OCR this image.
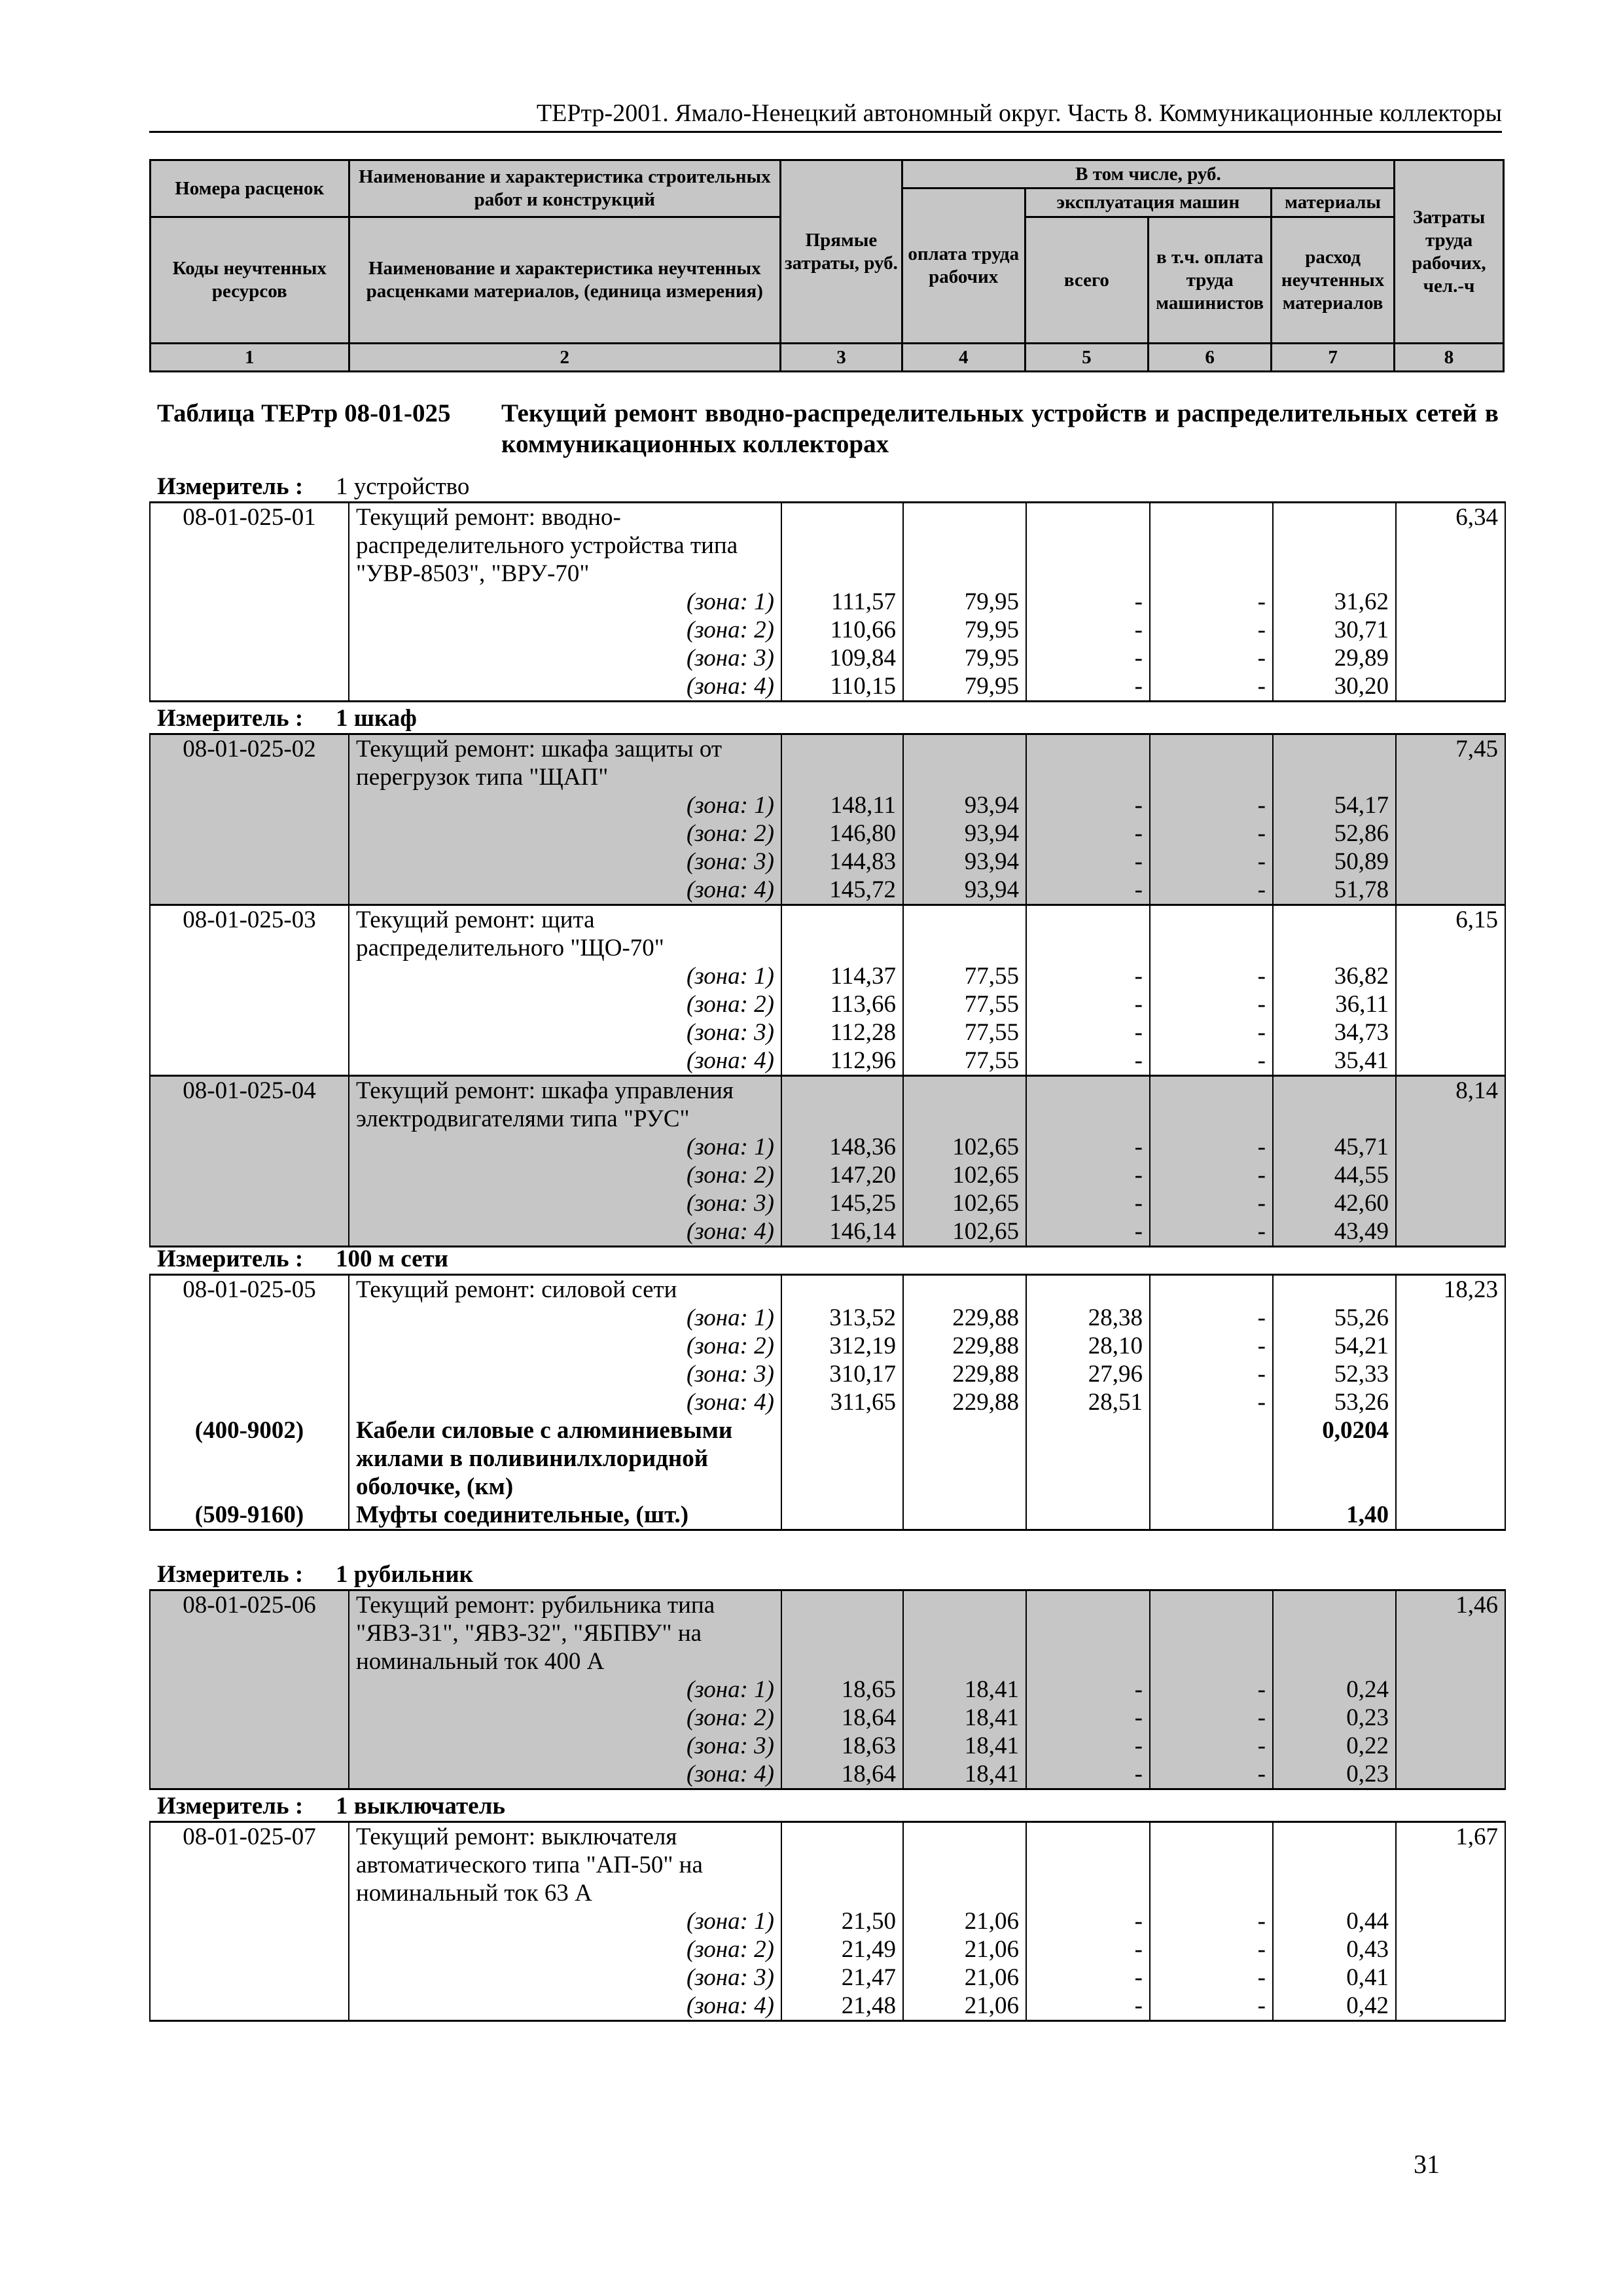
ТЕРтр-2001. Ямало-Ненецкий автономный округ. Часть 8. Коммуникационные коллекторы
Номера расценок	Наименование и характеристика строительных работ и конструкций	Прямые затраты, руб.	В том числе, руб.				Затраты труда рабочих, чел.-ч
			оплата труда рабочих	эксплуатация машин		материалы	
Коды неучтенных ресурсов	Наименование и характеристика неучтенных расценками материалов, (единица измерения)			всего	в т.ч. оплата труда машинистов	расход неучтенных материалов	

1	2	3	4	5	6	7	8
Таблица ТЕРтр 08-01-025 Текущий ремонт вводно-распределительных устройств и распределительных сетей в коммуникационных коллекторах
Измеритель : 1 устройство
08-01-025-01	Текущий ремонт: вводно-						6,34
	распределительного устройства типа						
	"УВР-8503", "ВРУ-70"						
	(зона: 1)	111,57	79,95	-	-	31,62	
	(зона: 2)	110,66	79,95	-	-	30,71	
	(зона: 3)	109,84	79,95	-	-	29,89	
	(зона: 4)	110,15	79,95	-	-	30,20	
Измеритель : 1 шкаф
08-01-025-02	Текущий ремонт: шкафа защиты от						7,45
	перегрузок типа "ЩАП"						
	(зона: 1)	148,11	93,94	-	-	54,17	
	(зона: 2)	146,80	93,94	-	-	52,86	
	(зона: 3)	144,83	93,94	-	-	50,89	
	(зона: 4)	145,72	93,94	-	-	51,78	
08-01-025-03	Текущий ремонт: щита						6,15
	распределительного "ЩО-70"						
	(зона: 1)	114,37	77,55	-	-	36,82	
	(зона: 2)	113,66	77,55	-	-	36,11	
	(зона: 3)	112,28	77,55	-	-	34,73	
	(зона: 4)	112,96	77,55	-	-	35,41	
08-01-025-04	Текущий ремонт: шкафа управления						8,14
	электродвигателями типа "РУС"						
	(зона: 1)	148,36	102,65	-	-	45,71	
	(зона: 2)	147,20	102,65	-	-	44,55	
	(зона: 3)	145,25	102,65	-	-	42,60	
	(зона: 4)	146,14	102,65	-	-	43,49	
Измеритель : 100 м сети
08-01-025-05	Текущий ремонт: силовой сети						18,23
	(зона: 1)	313,52	229,88	28,38	-	55,26	
	(зона: 2)	312,19	229,88	28,10	-	54,21	
	(зона: 3)	310,17	229,88	27,96	-	52,33	
	(зона: 4)	311,65	229,88	28,51	-	53,26	
(400-9002)	Кабели силовые с алюминиевыми					0,0204	
	жилами в поливинилхлоридной						
	оболочке, (км)						
(509-9160)	Муфты соединительные, (шт.)					1,40	
Измеритель : 1 рубильник
08-01-025-06	Текущий ремонт: рубильника типа						1,46
	"ЯВЗ-31", "ЯВЗ-32", "ЯБПВУ" на						
	номинальный ток 400 А						
	(зона: 1)	18,65	18,41	-	-	0,24	
	(зона: 2)	18,64	18,41	-	-	0,23	
	(зона: 3)	18,63	18,41	-	-	0,22	
	(зона: 4)	18,64	18,41	-	-	0,23	
Измеритель : 1 выключатель
08-01-025-07	Текущий ремонт: выключателя						1,67
	автоматического типа "АП-50" на						
	номинальный ток 63 А						
	(зона: 1)	21,50	21,06	-	-	0,44	
	(зона: 2)	21,49	21,06	-	-	0,43	
	(зона: 3)	21,47	21,06	-	-	0,41	
	(зона: 4)	21,48	21,06	-	-	0,42	
31
